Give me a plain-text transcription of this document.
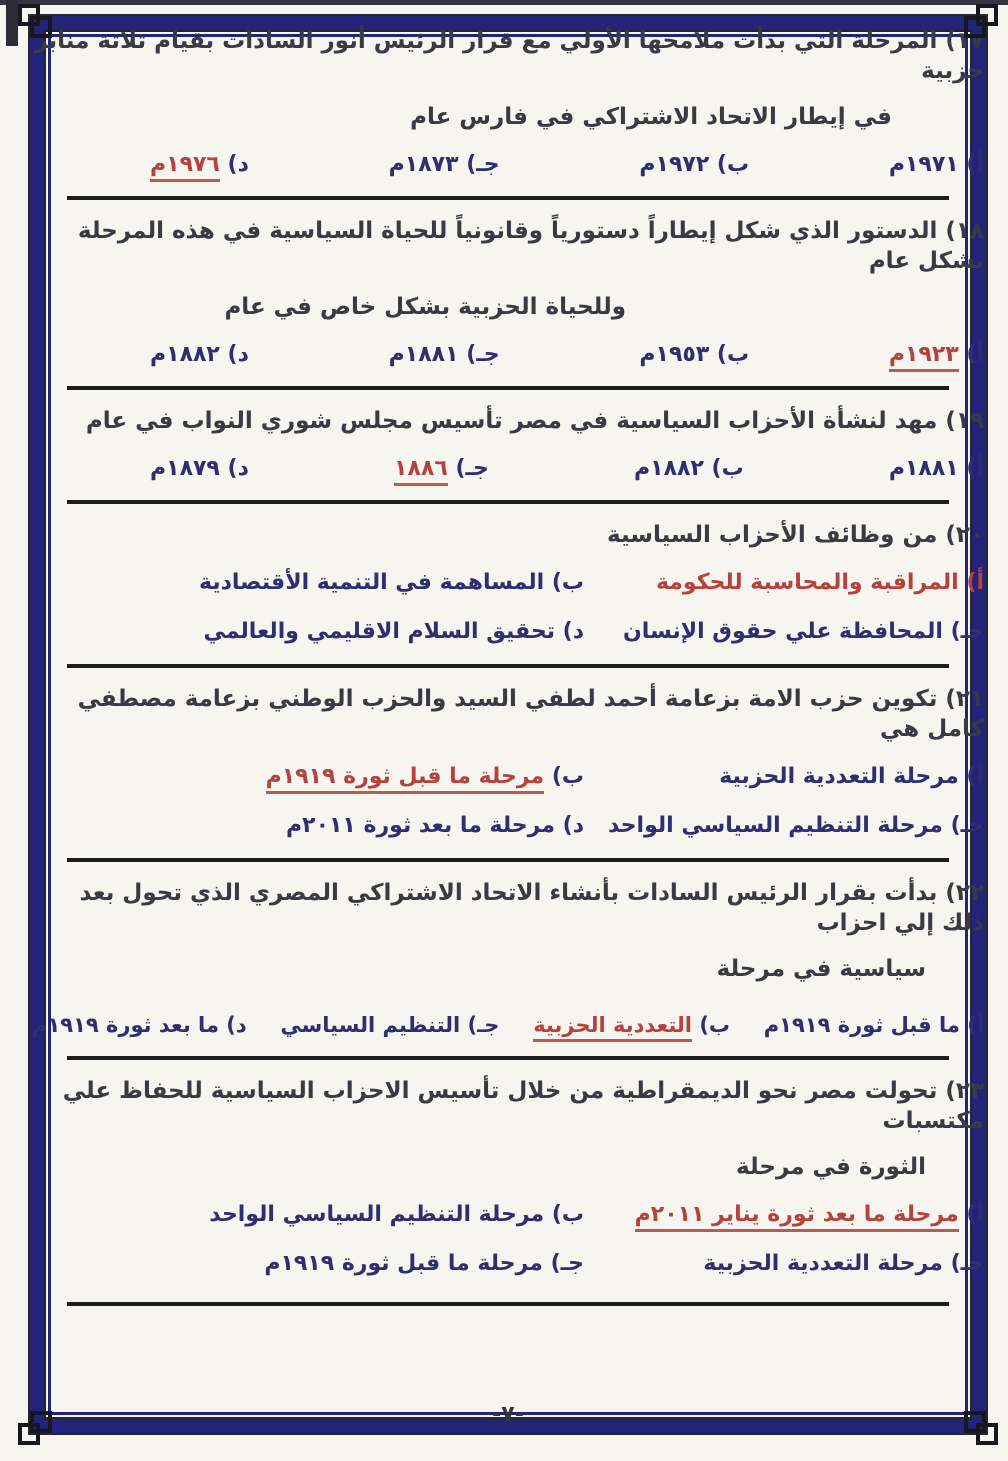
١٧) المرحلة التي بدأت ملامحها الأولي مع قرار الرئيس أنور السادات بقيام ثلاثة منابر حزبية

في إيطار الاتحاد الاشتراكي في فارس عام

أ) ١٩٧١م
ب) ١٩٧٢م
جـ) ١٨٧٣م
د) ١٩٧٦م

١٨) الدستور الذي شكل إيطاراً دستورياً وقانونياً للحياة السياسية في هذه المرحلة بشكل عام

وللحياة الحزبية بشكل خاص في عام

أ) ١٩٢٣م
ب) ١٩٥٣م
جـ) ١٨٨١م
د) ١٨٨٢م

١٩) مهد لنشأة الأحزاب السياسية في مصر تأسيس مجلس شوري النواب في عام

أ) ١٨٨١م
ب) ١٨٨٢م
جـ) ١٨٨٦
د) ١٨٧٩م

٢٠) من وظائف الأحزاب السياسية

أ) المراقبة والمحاسبة للحكومة
ب) المساهمة في التنمية الأقتصادية
جـ) المحافظة علي حقوق الإنسان
د) تحقيق السلام الاقليمي والعالمي

٢١) تكوين حزب الامة بزعامة أحمد لطفي السيد والحزب الوطني بزعامة مصطفي كامل هي

أ) مرحلة التعددية الحزبية
ب) مرحلة ما قبل ثورة ١٩١٩م
جـ) مرحلة التنظيم السياسي الواحد
د) مرحلة ما بعد ثورة ٢٠١١م

٢٢) بدأت بقرار الرئيس السادات بأنشاء الاتحاد الاشتراكي المصري الذي تحول بعد ذلك إلي احزاب

سياسية في مرحلة

أ) ما قبل ثورة ١٩١٩م
ب) التعددية الحزبية
جـ) التنظيم السياسي
د) ما بعد ثورة ١٩١٩م

٢٣) تحولت مصر نحو الديمقراطية من خلال تأسيس الاحزاب السياسية للحفاظ علي مكتسبات

الثورة في مرحلة

أ) مرحلة ما بعد ثورة يناير ٢٠١١م
ب) مرحلة التنظيم السياسي الواحد
جـ) مرحلة التعددية الحزبية
جـ) مرحلة ما قبل ثورة ١٩١٩م

-٧-
